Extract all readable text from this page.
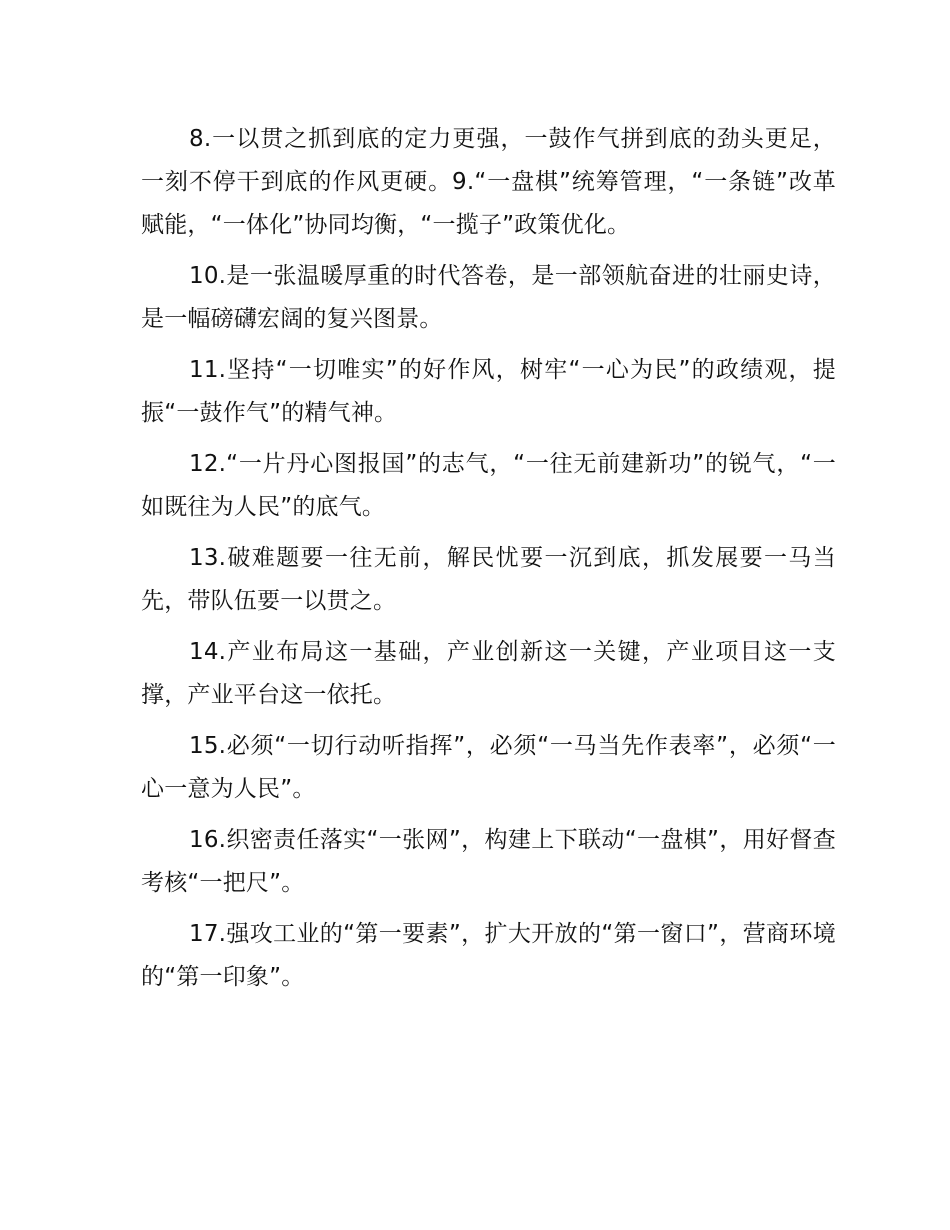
8.一以贯之抓到底的定力更强，一鼓作气拼到底的劲头更足，一刻不停干到底的作风更硬。9.“一盘棋”统筹管理，“一条链”改革赋能，“一体化”协同均衡，“一揽子”政策优化。

10.是一张温暖厚重的时代答卷，是一部领航奋进的壮丽史诗，是一幅磅礴宏阔的复兴图景。

11.坚持“一切唯实”的好作风，树牢“一心为民”的政绩观，提振“一鼓作气”的精气神。

12.“一片丹心图报国”的志气，“一往无前建新功”的锐气，“一如既往为人民”的底气。

13.破难题要一往无前，解民忧要一沉到底，抓发展要一马当先，带队伍要一以贯之。

14.产业布局这一基础，产业创新这一关键，产业项目这一支撑，产业平台这一依托。

15.必须“一切行动听指挥”，必须“一马当先作表率”，必须“一心一意为人民”。

16.织密责任落实“一张网”，构建上下联动“一盘棋”，用好督查考核“一把尺”。

17.强攻工业的“第一要素”，扩大开放的“第一窗口”，营商环境的“第一印象”。
